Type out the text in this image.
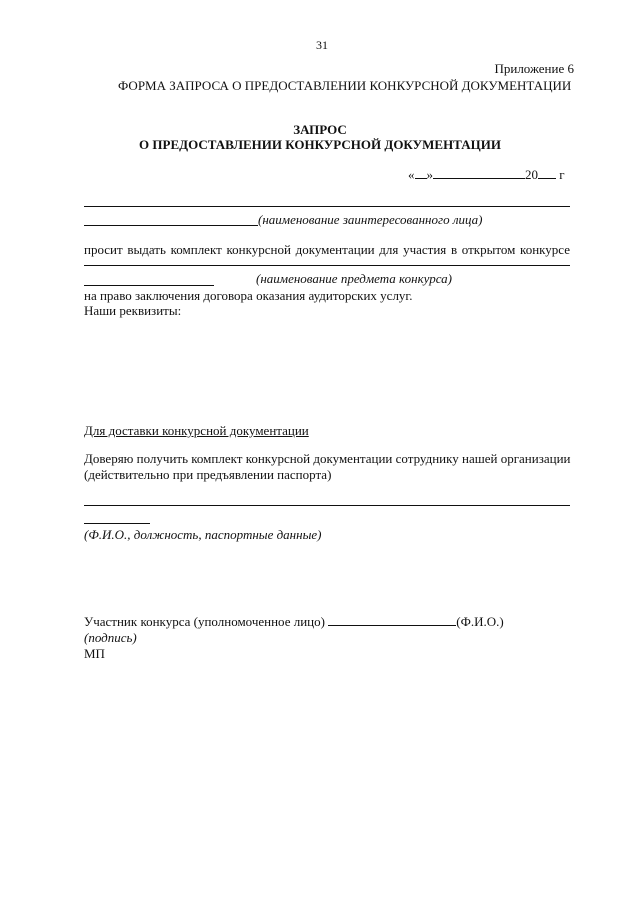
31
Приложение 6
ФОРМА ЗАПРОСА О ПРЕДОСТАВЛЕНИИ КОНКУРСНОЙ ДОКУМЕНТАЦИИ
ЗАПРОС
О ПРЕДОСТАВЛЕНИИ КОНКУРСНОЙ ДОКУМЕНТАЦИИ
« »	20 г
(наименование заинтересованного лица)
просит выдать комплект конкурсной документации для участия в открытом конкурсе
(наименование предмета конкурса)
на право заключения договора оказания аудиторских услуг.
Наши реквизиты:
Для доставки конкурсной документации
Доверяю получить комплект конкурсной документации сотруднику нашей организации
(действительно при предъявлении паспорта)
(Ф.И.О., должность, паспортные данные)
Участник конкурса (уполномоченное лицо)	(Ф.И.О.)
(подпись)
МП
